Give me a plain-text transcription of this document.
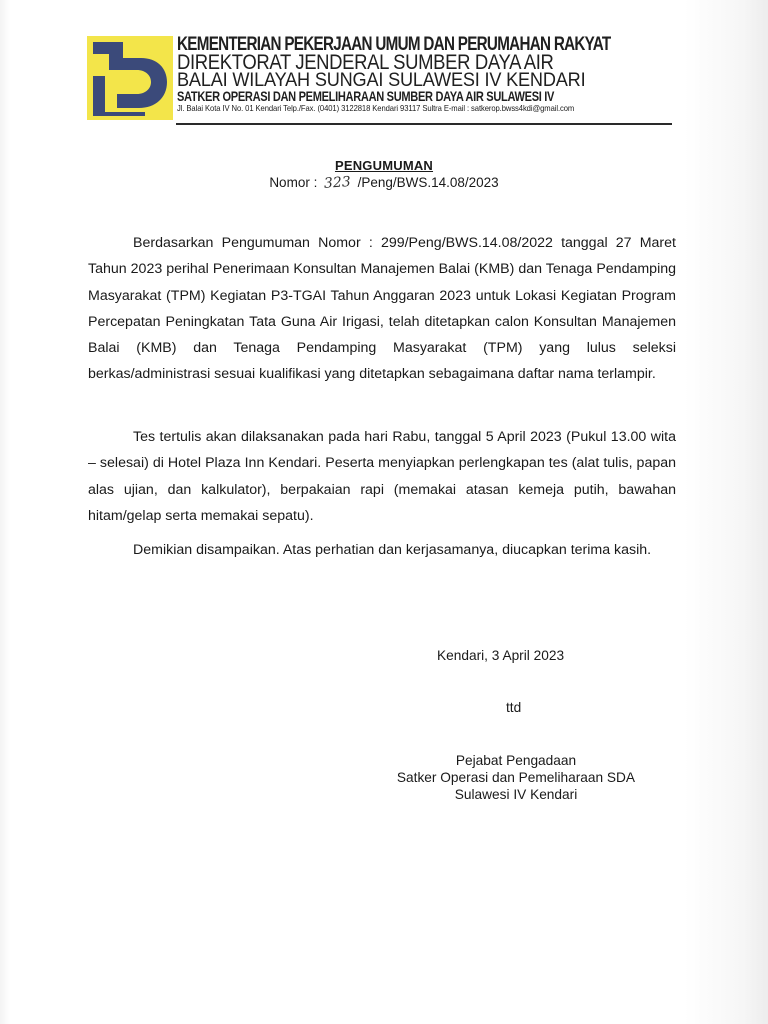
KEMENTERIAN PEKERJAAN UMUM DAN PERUMAHAN RAKYAT
DIREKTORAT JENDERAL SUMBER DAYA AIR
BALAI WILAYAH SUNGAI SULAWESI IV KENDARI
SATKER OPERASI DAN PEMELIHARAAN SUMBER DAYA AIR SULAWESI IV
Jl. Balai Kota IV No. 01 Kendari Telp./Fax. (0401) 3122818 Kendari 93117 Sultra E-mail : satkerop.bwss4kdi@gmail.com
PENGUMUMAN
Nomor : 323 /Peng/BWS.14.08/2023
Berdasarkan Pengumuman Nomor : 299/Peng/BWS.14.08/2022 tanggal 27 Maret Tahun 2023 perihal Penerimaan Konsultan Manajemen Balai (KMB) dan Tenaga Pendamping Masyarakat (TPM) Kegiatan P3-TGAI Tahun Anggaran 2023 untuk Lokasi Kegiatan Program Percepatan Peningkatan Tata Guna Air Irigasi, telah ditetapkan calon Konsultan Manajemen Balai (KMB) dan Tenaga Pendamping Masyarakat (TPM) yang lulus seleksi berkas/administrasi sesuai kualifikasi yang ditetapkan sebagaimana daftar nama terlampir.
Tes tertulis akan dilaksanakan pada hari Rabu, tanggal 5 April 2023 (Pukul 13.00 wita – selesai) di Hotel Plaza Inn Kendari. Peserta menyiapkan perlengkapan tes (alat tulis, papan alas ujian, dan kalkulator), berpakaian rapi (memakai atasan kemeja putih, bawahan hitam/gelap serta memakai sepatu).
Demikian disampaikan. Atas perhatian dan kerjasamanya, diucapkan terima kasih.
Kendari, 3 April 2023
ttd
Pejabat Pengadaan
Satker Operasi dan Pemeliharaan SDA
Sulawesi IV Kendari
